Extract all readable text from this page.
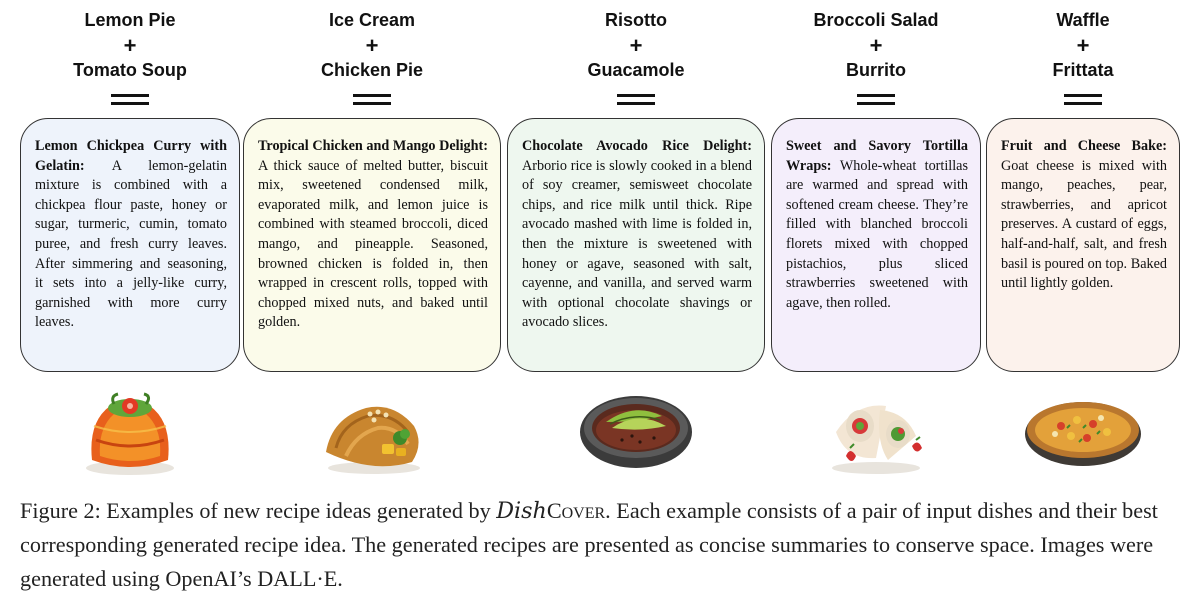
Lemon Pie
+
Tomato Soup
Lemon Chickpea Curry with Gelatin: A lemon-gelatin mixture is combined with a chickpea flour paste, honey or sugar, turmeric, cumin, tomato puree, and fresh curry leaves. After simmering and seasoning, it sets into a jelly-like curry, garnished with more curry leaves.
Ice Cream
+
Chicken Pie
Tropical Chicken and Mango Delight: A thick sauce of melted butter, biscuit mix, sweetened condensed milk, evaporated milk, and lemon juice is combined with steamed broccoli, diced mango, and pineapple. Seasoned, browned chicken is folded in, then wrapped in crescent rolls, topped with chopped mixed nuts, and baked until golden.
Risotto
+
Guacamole
Chocolate Avocado Rice Delight: Arborio rice is slowly cooked in a blend of soy creamer, semisweet chocolate chips, and rice milk until thick. Ripe avocado mashed with lime is folded in, then the mixture is sweetened with honey or agave, seasoned with salt, cayenne, and vanilla, and served warm with optional chocolate shavings or avocado slices.
Broccoli Salad
+
Burrito
Sweet and Savory Tortilla Wraps: Whole-wheat tortillas are warmed and spread with softened cream cheese. They’re filled with blanched broccoli florets mixed with chopped pistachios, plus sliced strawberries sweetened with agave, then rolled.
Waffle
+
Frittata
Fruit and Cheese Bake: Goat cheese is mixed with mango, peaches, pear, strawberries, and apricot preserves. A custard of eggs, half-and-half, salt, and fresh basil is poured on top. Baked until lightly golden.
Figure 2: Examples of new recipe ideas generated by DishCover. Each example consists of a pair of input dishes and their best corresponding generated recipe idea. The generated recipes are presented as concise summaries to conserve space. Images were generated using OpenAI’s DALL·E.
